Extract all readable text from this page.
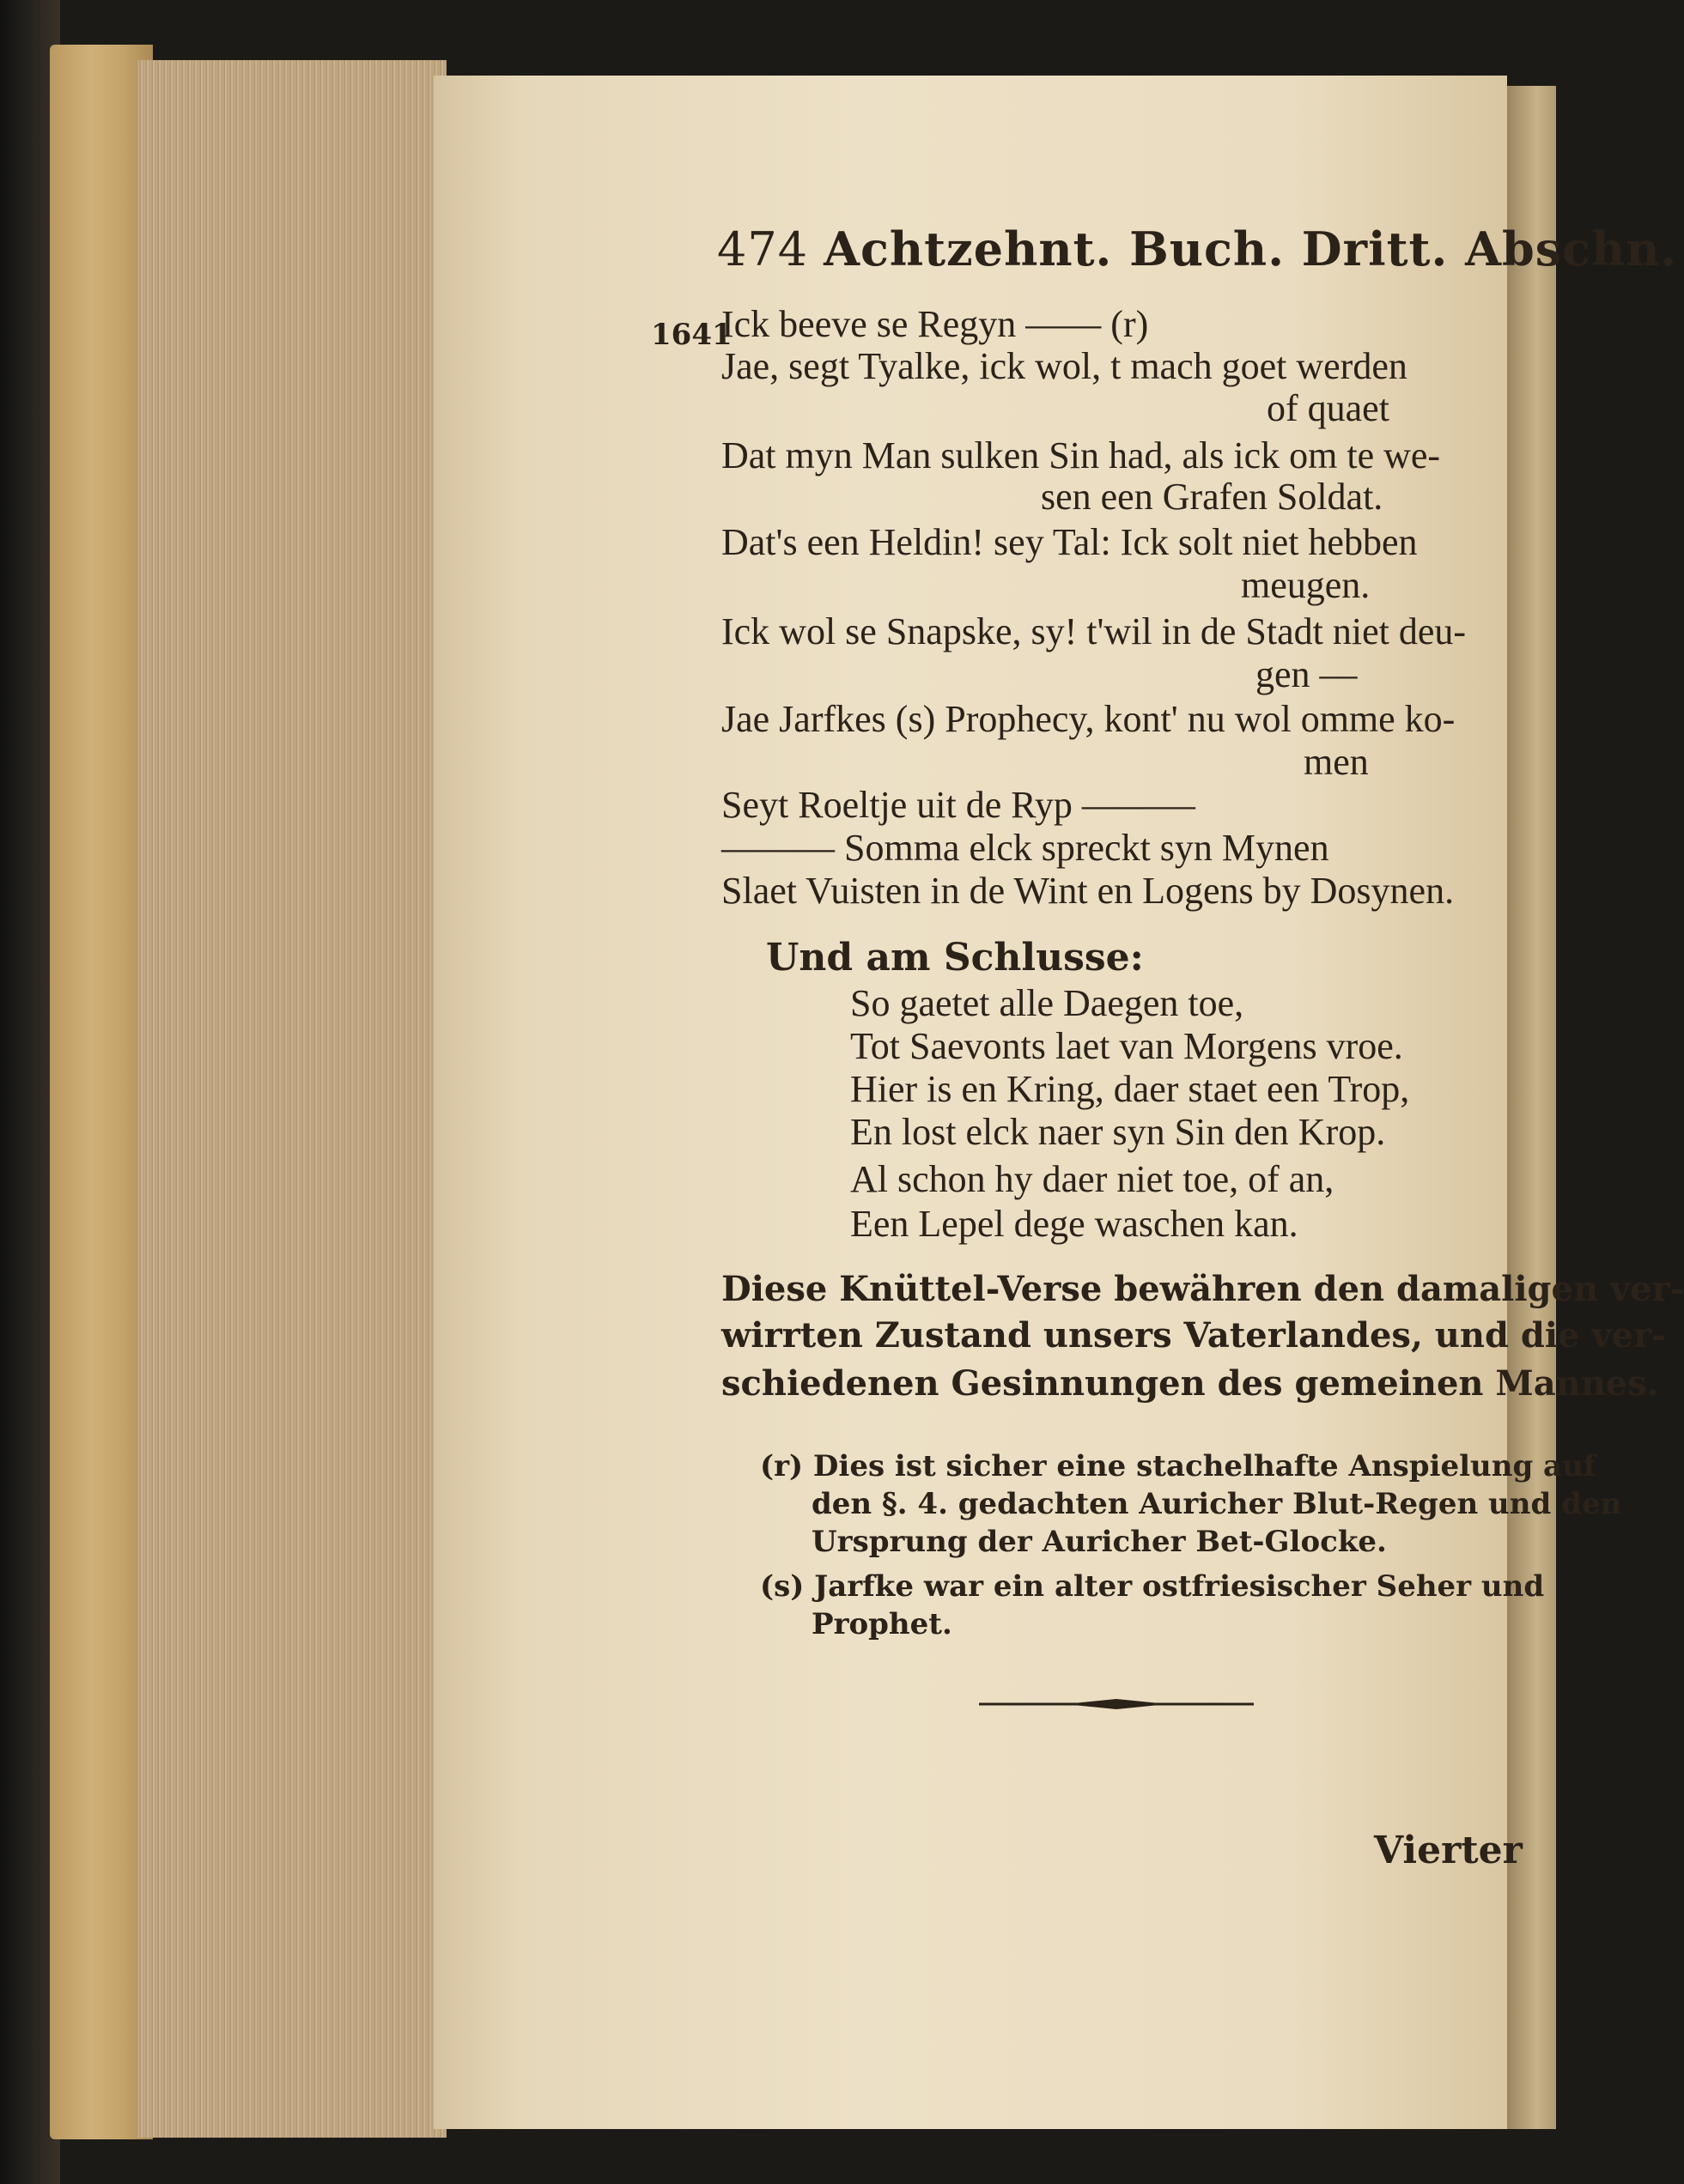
474 Achtzehnt. Buch. Dritt. Abschn.
1641
Ick beeve se Regyn —— (r)
Jae, segt Tyalke, ick wol, t mach goet werden
of quaet
Dat myn Man sulken Sin had, als ick om te we-
sen een Grafen Soldat.
Dat's een Heldin! sey Tal: Ick solt niet hebben
meugen.
Ick wol se Snapske, sy! t'wil in de Stadt niet deu-
gen —
Jae Jarfkes (s) Prophecy, kont' nu wol omme ko-
men
Seyt Roeltje uit de Ryp ———
——— Somma elck spreckt syn Mynen
Slaet Vuisten in de Wint en Logens by Dosynen.
Und am Schlusse:
So gaetet alle Daegen toe,
Tot Saevonts laet van Morgens vroe.
Hier is en Kring, daer staet een Trop,
En lost elck naer syn Sin den Krop.
Al schon hy daer niet toe, of an,
Een Lepel dege waschen kan.
Diese Knüttel-Verse bewähren den damaligen ver-
wirrten Zustand unsers Vaterlandes, und die ver-
schiedenen Gesinnungen des gemeinen Mannes.
(r) Dies ist sicher eine stachelhafte Anspielung auf
den §. 4. gedachten Auricher Blut-Regen und den
Ursprung der Auricher Bet-Glocke.
(s) Jarfke war ein alter ostfriesischer Seher und
Prophet.
Vierter
